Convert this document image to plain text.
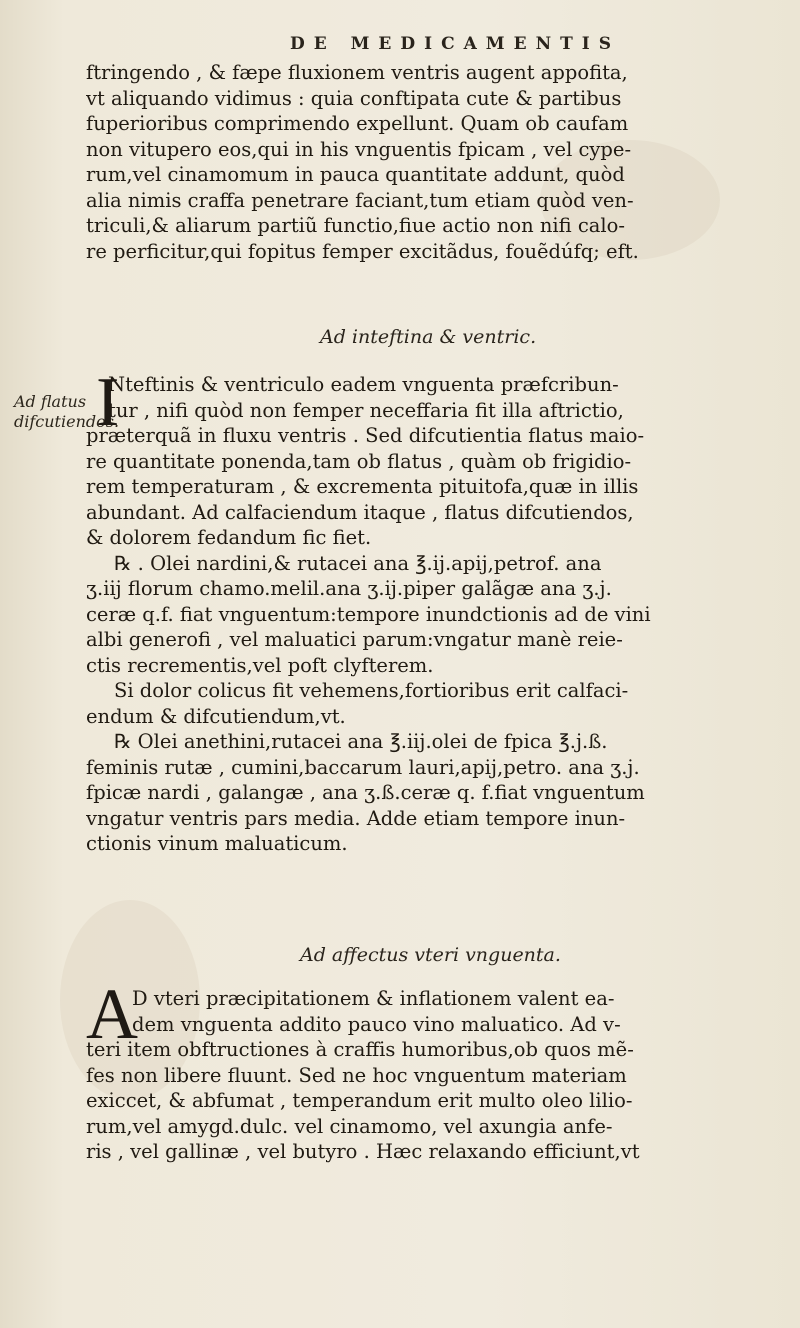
DE MEDICAMENTIS
ftringendo , & fæpe fluxionem ventris augent appofita,
vt aliquando vidimus : quia conftipata cute & partibus
fuperioribus comprimendo expellunt. Quam ob caufam
non vitupero eos,qui in his vnguentis fpicam , vel cype-
rum,vel cinamomum in pauca quantitate addunt, quòd
alia nimis craffa penetrare faciant,tum etiam quòd ven-
triculi,& aliarum partiũ functio,fiue actio non nifi calo-
re perficitur,qui fopitus femper excitãdus, fouẽdúfq; eft.
Ad inteftina & ventric.
Ad flatus
difcutiendos.
I
Nteftinis & ventriculo eadem vnguenta præfcribun-
tur , nifi quòd non femper neceffaria fit illa aftrictio,
præterquã in fluxu ventris . Sed difcutientia flatus maio-
re quantitate ponenda,tam ob flatus , quàm ob frigidio-
rem temperaturam , & excrementa pituitofa,quæ in illis
abundant. Ad calfaciendum itaque , flatus difcutiendos,
& dolorem fedandum fic fiet.
℞ . Olei nardini,& rutacei ana ℥.ij.apij,petrof. ana
ʒ.iij florum chamo.melil.ana ʒ.ij.piper galãgæ ana ʒ.j.
ceræ q.f. fiat vnguentum:tempore inundctionis ad de vini
albi generofi , vel maluatici parum:vngatur manè reie-
ctis recrementis,vel poft clyfterem.
Si dolor colicus fit vehemens,fortioribus erit calfaci-
endum & difcutiendum,vt.
℞ Olei anethini,rutacei ana ℥.iij.olei de fpica ℥.j.ß.
feminis rutæ , cumini,baccarum lauri,apij,petro. ana ʒ.j.
fpicæ nardi , galangæ , ana ʒ.ß.ceræ q. f.fiat vnguentum
vngatur ventris pars media. Adde etiam tempore inun-
ctionis vinum maluaticum.
Ad affectus vteri vnguenta.
A
D vteri præcipitationem & inflationem valent ea-
dem vnguenta addito pauco vino maluatico. Ad v-
teri item obftructiones à craffis humoribus,ob quos mẽ-
fes non libere fluunt. Sed ne hoc vnguentum materiam
exiccet, & abfumat , temperandum erit multo oleo lilio-
rum,vel amygd.dulc. vel cinamomo, vel axungia anfe-
ris , vel gallinæ , vel butyro . Hæc relaxando efficiunt,vt
